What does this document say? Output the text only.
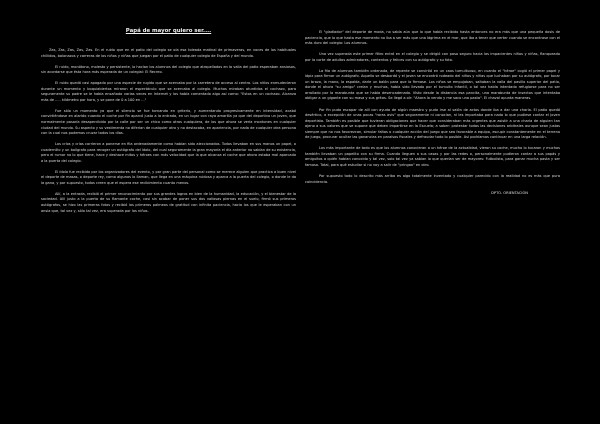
Papá de mayor quiero ser....

Zas, Zas, Zas, Zas, Zas. En el ruido que en el patio del colegio se oía esa toleada matinal de primaveras, en voces de los habituales chillidos, balonazos y carreras de los niños y niñas que juegan por el patio de cualquier colegio de España y del mundo.

El ruido, monótono, molesto y persistente, lo hacían los alumnos del colegio que atropellados en la valla del patio esperaban ansiosos, sin acordarse que ésta hora más esperada de un colegial: El Recreo.

El ruido quedó casi apagado por una especie de rugido que se acercaba por la carretera de acceso al centro. Los niños enmudecieron durante un momento y boquiabiertos miraron el espectáculo que se acercaba al colegio. Muchos miraban aturdidos el cochazo, para seguramente su padre se le había ensañado varias veces en Internet y los había comentado algo así como: "Estos en un cochazo. Alcanza más de ..... kilómetro por hora, y se pone de 0 a 100 en ..."

Fue sólo un momento ya que el silencio se fue tornando en griterío, y aumentando progresivamente en intensidad, acabó convirtiéndose en alarido cuando el coche por fin aparcó justo a la entrada, en un lugar con raya amarilla ya que del deportivo un joven, que normalmente pasaría desapercibido por la calle por ser un chico como otros cualquiera, de los que ahora se vería montones en cualquier ciudad del mundo. Su aspecto y su vestimenta no diferían de cualquier otro y no destacaba, en apariencia, por nada de cualquier otra persona con la cual nos podemos cruzar todos los días.

Los críos y crías corrieron a ponerse en fila ordenadamente como habían sido aleccionados. Todos llevaban en sus manos un papel, o cuadernillo y un bolígrafo para recoger un autógrafo del ídolo, del cual seguramente la gran mayoría el día anterior no sabían de su existencia, pero el rumor no lo que tiene, hace y deshace mitos y héroes con más velocidad que la que alcanza el coche que ahora estaba mal aparcado a la puerta del colegio.

El ídolo fue recibido por los organizadores del evento, y por gran parte del personal como se merece alguien que practica a buen nivel el deporte de masas, o deporte rey, como algunos lo llaman, que llega en una máquina ruidosa y aparca a la puerta del colegio, o donde le da la gana, y por supuesto, todos creen que el espera ese recibimiento cuanto menos.

Allí, a la entrada, recibió el primer reconocimiento por sus grandes logros en bien de la humanidad, la educación, y el bienestar de la sociedad. Allí justo a la puerta de su flamante coche, casi sin acabar de poner sus dos valiosas piernas en el suelo, firmó sus primeros autógrafos, se hizo las primeras fotos y recibió los primeros palmeos de gratitud con infinita paciencia, hacia los que le esperaban con un ansia que, tal vez y, sólo tal vez, era superada por los niños.

El "gladiador" del deporte de moda, no sabía aún que lo que había recibido hasta entonces no era más que una pequeña dosis de paciencia, que lo que hasta ese momento no iba a ser más que una lágrima en el mar, que iba a tener que verter cuando se encontrase con el más duro del colegio: Los alumnos.

Una vez superada este primer filtro entró en el colegio y se dirigió con paso seguro hacia los impacientes niños y niñas, flanqueado por la corte de adultos admiradores, contentos y felices con su autógrafo y su foto.

La fila de alumnos también ordenada, de repente se convirtió en un caos tumultuoso, en cuanto el "héroe" cogió el primer papel y lápiz para firmar un autógrafo. Aquello se desbordó y el joven se encontró rodeado del niños y niñas que luchaban por su autógrafo, por tocar un brazo, la mano, la espalda, darle un balón para que lo firmase. Los niños se empujaban, saltaban la valla del pasillo superior del patio, donde el ahora "su amigo" creían y muchos, había sido llevado por el tumulto infantil, o tal vez había intentado refugiarse para no ser arrollado por la marabunta que se había desencadenado. Visto desde la distancia esa pancita, una marabunta de insectos que intentaba obligar a un gigante con su masa y sus gritos. Se llegó a oír: "Ahora lo vendo y me saco una pasta". El chaval apunta maneras.

Por fin pudo escapar de allí con ayuda de algún maestro y pudo irse al salón de actos donde iba a dar una charla. El patio quedó desértico, a excepción de unas pocas "raras avis" que seguramente ni conocían, ni les importaba para nada lo que pudiese contar el joven deportista. También es posible que tuvieran obligaciones que hacer que consideraban más urgentes que asistir a una charla de alguien tan ajeno a sus valores que se supone que deben impartirse en la Escuela; a saber: protestar todas las decisiones arbitrales aunque sean justas siempre que no nos favorezcan, simular faltas o cualquier acción del juego que sea favorable a equipo, escupir constantemente en el terreno de juego, procurar ocultar las ganancias en paraísos fiscales y defraudar todo lo posible. Así podríamos continuar en una larga relación.

Los más importante de todo es que los alumnos conocieran a un héroe de la actualidad, vieron su coche, mucho lo tocaron y muchos también llevaban un papelito con su firma. Cuando lleguen a sus casas y por las redes o, personalmente pudieron contar a sus papás y amiguitos a quién habían conocido y tal vez, solo tal vez ya sabían lo que querían ser de mayores: Futbolista, para ganar mucha pasta y ser famoso. Total, para qué estudiar si no voy a salir de "pringao" en otro.

Por supuesto todo lo descrito más arriba es algo totalmente inventado y cualquier parecido con la realidad no es más que pura coincidencia.

DPTO. ORIENTACIÓN
